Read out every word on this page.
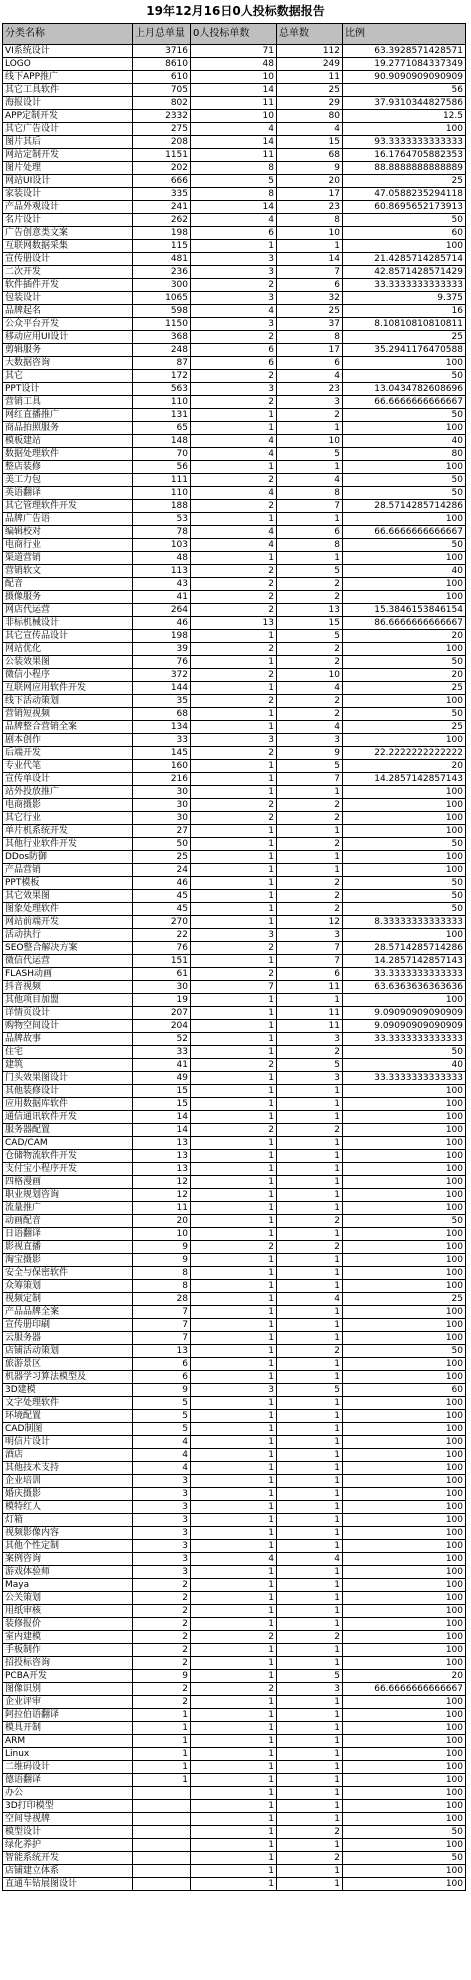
19年12月16日0人投标数据报告
分类名称	上月总单量	0人投标单数	总单数	比例
VI系统设计	3716	71	112	63.3928571428571
LOGO	8610	48	249	19.2771084337349
线下APP推广	610	10	11	90.9090909090909
其它工具软件	705	14	25	56
海报设计	802	11	29	37.9310344827586
APP定制开发	2332	10	80	12.5
其它广告设计	275	4	4	100
图片其后	208	14	15	93.3333333333333
网站定制开发	1151	11	68	16.1764705882353
图片处理	202	8	9	88.8888888888889
网站UI设计	666	5	20	25
家装设计	335	8	17	47.0588235294118
产品外观设计	241	14	23	60.8695652173913
名片设计	262	4	8	50
广告创意类文案	198	6	10	60
互联网数据采集	115	1	1	100
宣传册设计	481	3	14	21.4285714285714
二次开发	236	3	7	42.8571428571429
软件插件开发	300	2	6	33.3333333333333
包装设计	1065	3	32	9.375
品牌起名	598	4	25	16
公众平台开发	1150	3	37	8.10810810810811
移动应用UI设计	368	2	8	25
剪辑服务	248	6	17	35.2941176470588
大数据咨询	87	6	6	100
其它	172	2	4	50
PPT设计	563	3	23	13.0434782608696
营销工具	110	2	3	66.6666666666667
网红直播推广	131	1	2	50
商品拍照服务	65	1	1	100
模板建站	148	4	10	40
数据处理软件	70	4	5	80
整店装修	56	1	1	100
美工力包	111	2	4	50
英语翻译	110	4	8	50
其它管理软件开发	188	2	7	28.5714285714286
品牌广告语	53	1	1	100
编辑校对	78	4	6	66.6666666666667
电商行业	103	4	8	50
渠道营销	48	1	1	100
营销软文	113	2	5	40
配音	43	2	2	100
摄像服务	41	2	2	100
网店代运营	264	2	13	15.3846153846154
非标机械设计	46	13	15	86.6666666666667
其它宣传品设计	198	1	5	20
网站优化	39	2	2	100
公装效果图	76	1	2	50
微信小程序	372	2	10	20
互联网应用软件开发	144	1	4	25
线下活动策划	35	2	2	100
营销短视频	68	1	2	50
品牌整合营销全案	134	1	4	25
剧本创作	33	3	3	100
后端开发	145	2	9	22.2222222222222
专业代笔	160	1	5	20
宣传单设计	216	1	7	14.2857142857143
站外投放推广	30	1	1	100
电商摄影	30	2	2	100
其它行业	30	2	2	100
单片机系统开发	27	1	1	100
其他行业软件开发	50	1	2	50
DDos防御	25	1	1	100
产品营销	24	1	1	100
PPT模板	46	1	2	50
其它效果图	45	1	2	50
图象处理软件	45	1	2	50
网站前端开发	270	1	12	8.33333333333333
活动执行	22	3	3	100
SEO整合解决方案	76	2	7	28.5714285714286
微信代运营	151	1	7	14.2857142857143
FLASH动画	61	2	6	33.3333333333333
抖音视频	30	7	11	63.6363636363636
其他项目加盟	19	1	1	100
详情页设计	207	1	11	9.09090909090909
购物空间设计	204	1	11	9.09090909090909
品牌故事	52	1	3	33.3333333333333
住宅	33	1	2	50
建筑	41	2	5	40
门头效果图设计	49	1	3	33.3333333333333
其他装修设计	15	1	1	100
应用数据库软件	15	1	1	100
通信通讯软件开发	14	1	1	100
服务器配置	14	2	2	100
CAD/CAM	13	1	1	100
仓储物流软件开发	13	1	1	100
支付宝小程序开发	13	1	1	100
四格漫画	12	1	1	100
职业规划咨询	12	1	1	100
流量推广	11	1	1	100
动画配音	20	1	2	50
日语翻译	10	1	1	100
影视直播	9	2	2	100
淘宝摄影	9	1	1	100
安全与保密软件	8	1	1	100
众筹策划	8	1	1	100
视频定制	28	1	4	25
产品品牌全案	7	1	1	100
宣传册印刷	7	1	1	100
云服务器	7	1	1	100
店铺活动策划	13	1	2	50
旅游景区	6	1	1	100
机器学习算法模型及	6	1	1	100
3D建模	9	3	5	60
文字处理软件	5	1	1	100
环境配置	5	1	1	100
CAD制图	5	1	1	100
明信片设计	4	1	1	100
酒店	4	1	1	100
其他技术支持	4	1	1	100
企业培训	3	1	1	100
婚庆摄影	3	1	1	100
模特红人	3	1	1	100
灯箱	3	1	1	100
视频影像内容	3	1	1	100
其他个性定制	3	1	1	100
案例咨询	3	4	4	100
游戏体验师	3	1	1	100
Maya	2	1	1	100
公关策划	2	1	1	100
用纸审核	2	1	1	100
装修报价	2	1	1	100
室内建模	2	2	2	100
手板制作	2	1	1	100
招投标咨询	2	1	1	100
PCBA开发	9	1	5	20
图像识别	2	2	3	66.6666666666667
企业评审	2	1	1	100
阿拉伯语翻译	1	1	1	100
模具开制	1	1	1	100
ARM	1	1	1	100
Linux	1	1	1	100
二维码设计	1	1	1	100
德语翻译	1	1	1	100
办公		1	1	100
3D打印模型		1	1	100
空间导视牌		1	1	100
模型设计		1	2	50
绿化养护		1	1	100
智能系统开发		1	2	50
店铺建立体系		1	1	100
直通车钻展图设计		1	1	100
